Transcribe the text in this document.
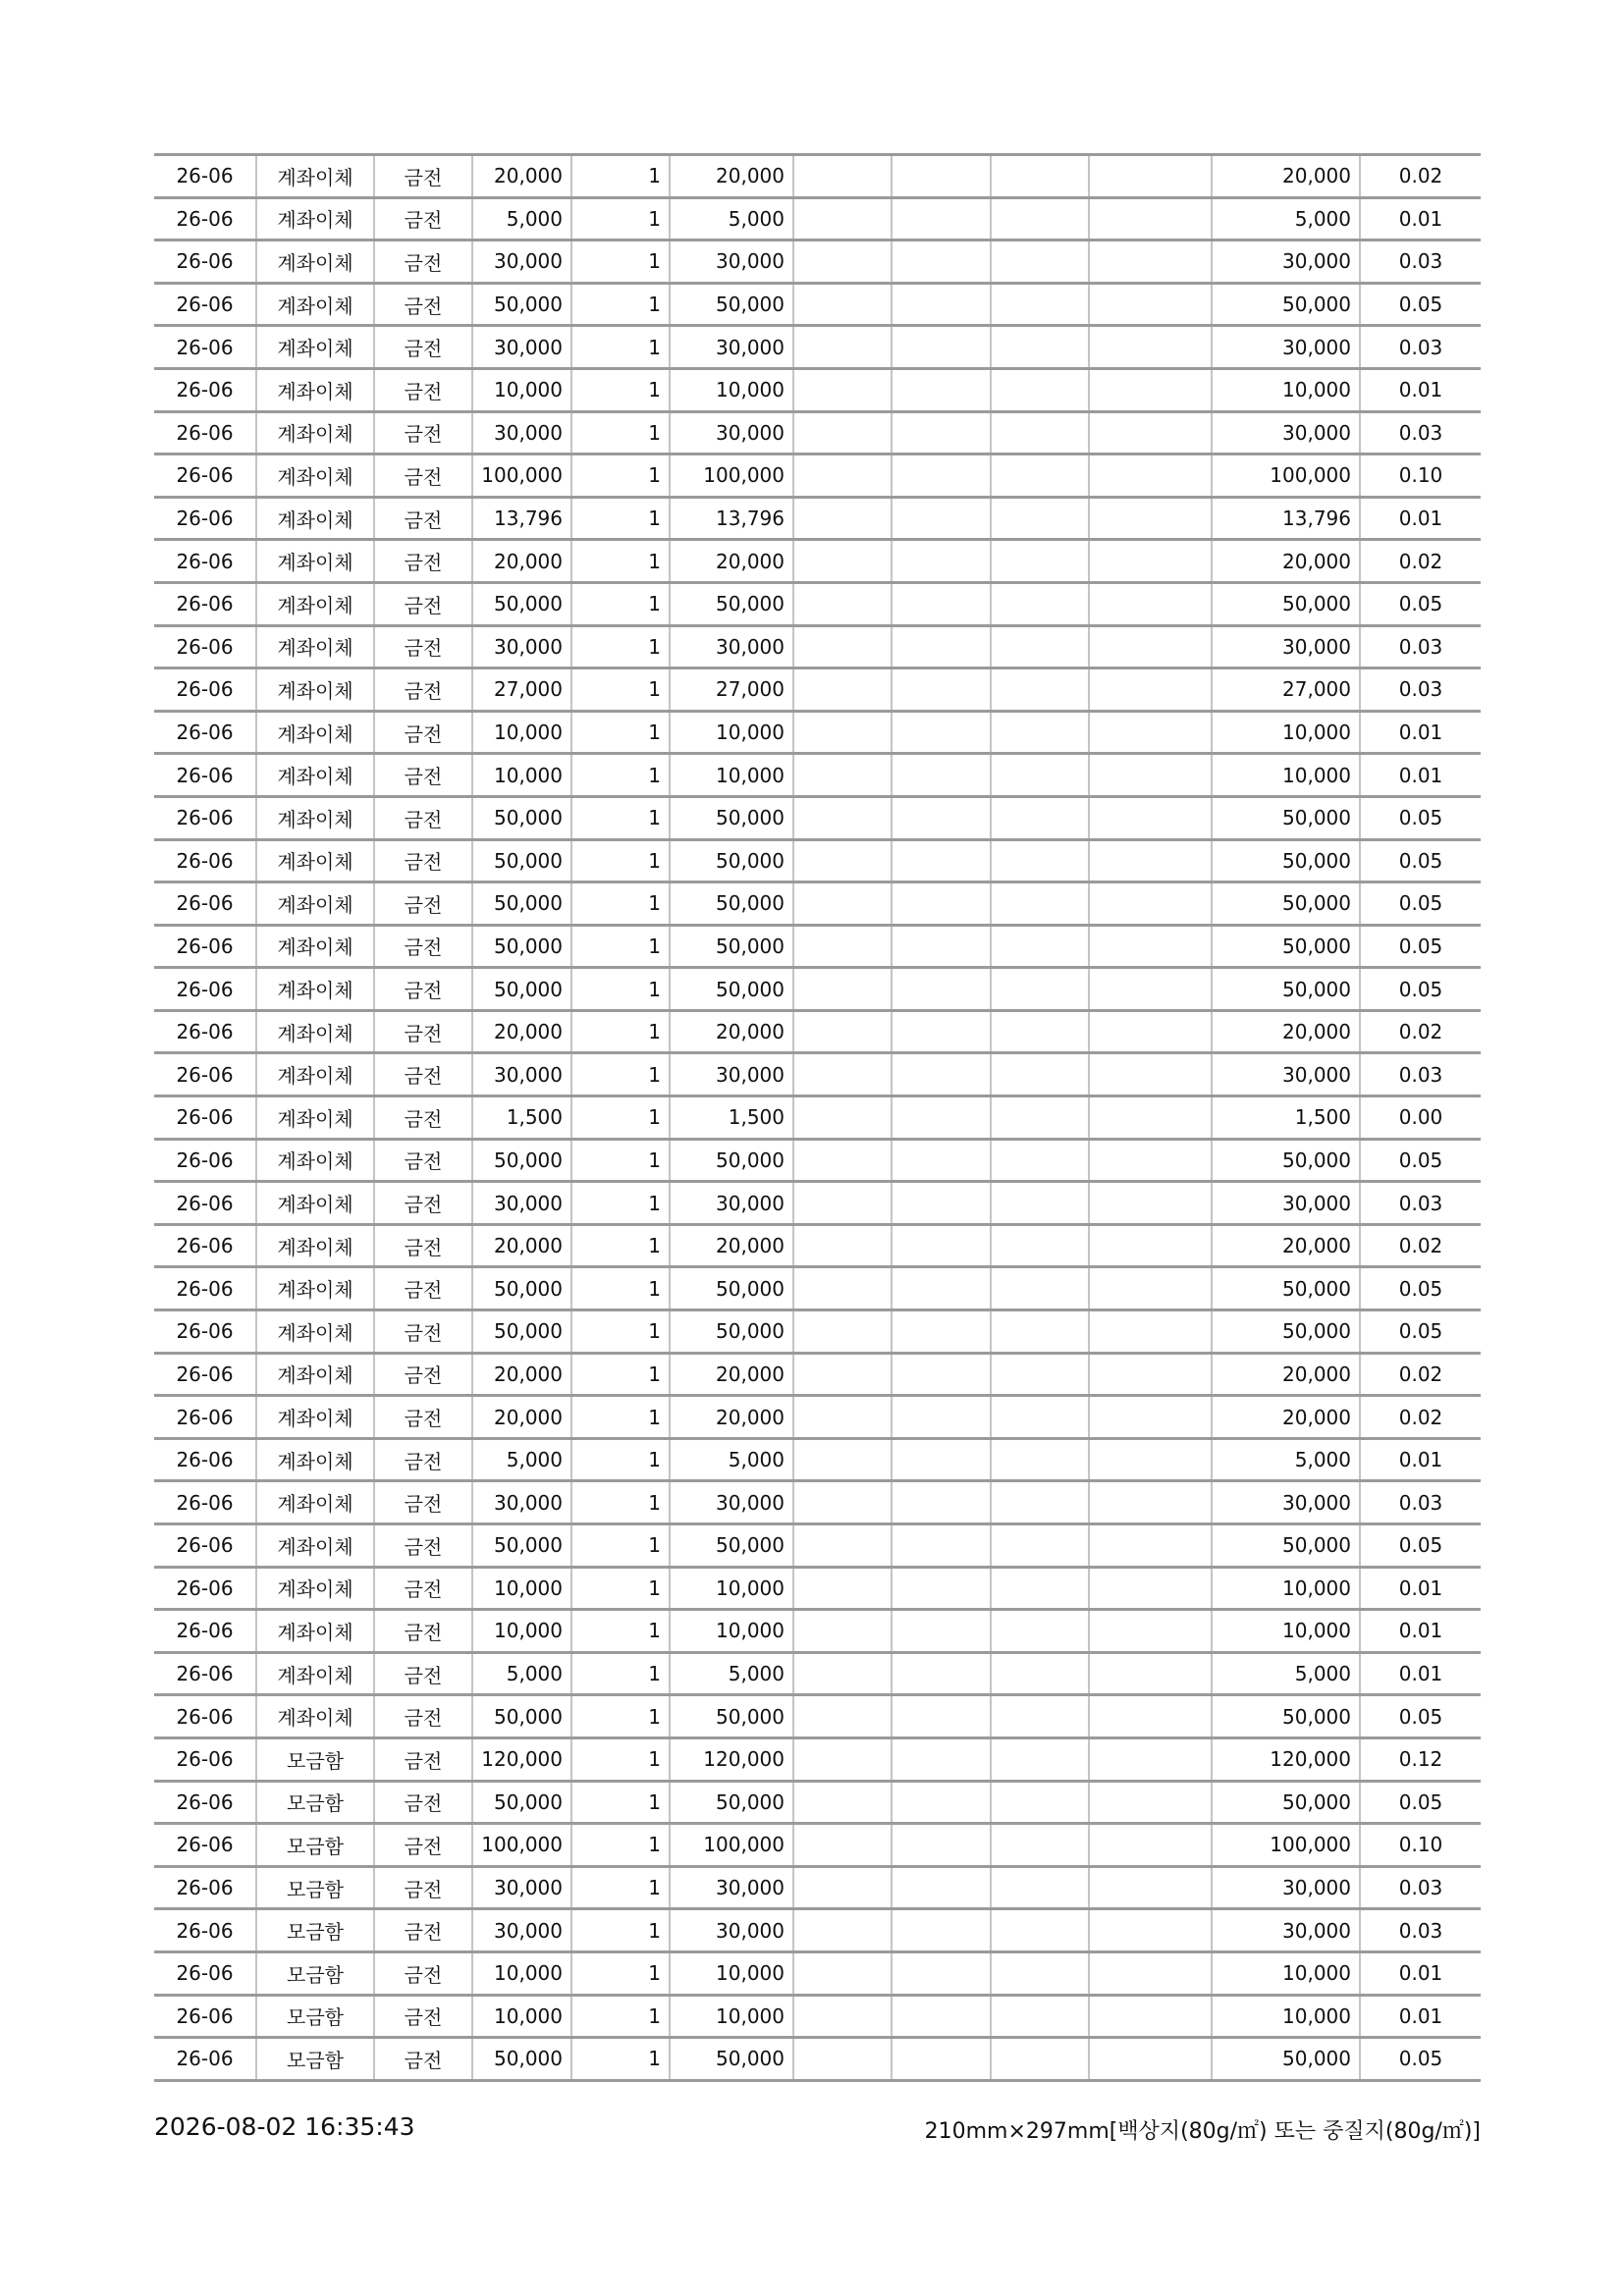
26-06	계좌이체	금전	20,000	1	20,000					20,000	0.02
26-06	계좌이체	금전	5,000	1	5,000					5,000	0.01
26-06	계좌이체	금전	30,000	1	30,000					30,000	0.03
26-06	계좌이체	금전	50,000	1	50,000					50,000	0.05
26-06	계좌이체	금전	30,000	1	30,000					30,000	0.03
26-06	계좌이체	금전	10,000	1	10,000					10,000	0.01
26-06	계좌이체	금전	30,000	1	30,000					30,000	0.03
26-06	계좌이체	금전	100,000	1	100,000					100,000	0.10
26-06	계좌이체	금전	13,796	1	13,796					13,796	0.01
26-06	계좌이체	금전	20,000	1	20,000					20,000	0.02
26-06	계좌이체	금전	50,000	1	50,000					50,000	0.05
26-06	계좌이체	금전	30,000	1	30,000					30,000	0.03
26-06	계좌이체	금전	27,000	1	27,000					27,000	0.03
26-06	계좌이체	금전	10,000	1	10,000					10,000	0.01
26-06	계좌이체	금전	10,000	1	10,000					10,000	0.01
26-06	계좌이체	금전	50,000	1	50,000					50,000	0.05
26-06	계좌이체	금전	50,000	1	50,000					50,000	0.05
26-06	계좌이체	금전	50,000	1	50,000					50,000	0.05
26-06	계좌이체	금전	50,000	1	50,000					50,000	0.05
26-06	계좌이체	금전	50,000	1	50,000					50,000	0.05
26-06	계좌이체	금전	20,000	1	20,000					20,000	0.02
26-06	계좌이체	금전	30,000	1	30,000					30,000	0.03
26-06	계좌이체	금전	1,500	1	1,500					1,500	0.00
26-06	계좌이체	금전	50,000	1	50,000					50,000	0.05
26-06	계좌이체	금전	30,000	1	30,000					30,000	0.03
26-06	계좌이체	금전	20,000	1	20,000					20,000	0.02
26-06	계좌이체	금전	50,000	1	50,000					50,000	0.05
26-06	계좌이체	금전	50,000	1	50,000					50,000	0.05
26-06	계좌이체	금전	20,000	1	20,000					20,000	0.02
26-06	계좌이체	금전	20,000	1	20,000					20,000	0.02
26-06	계좌이체	금전	5,000	1	5,000					5,000	0.01
26-06	계좌이체	금전	30,000	1	30,000					30,000	0.03
26-06	계좌이체	금전	50,000	1	50,000					50,000	0.05
26-06	계좌이체	금전	10,000	1	10,000					10,000	0.01
26-06	계좌이체	금전	10,000	1	10,000					10,000	0.01
26-06	계좌이체	금전	5,000	1	5,000					5,000	0.01
26-06	계좌이체	금전	50,000	1	50,000					50,000	0.05
26-06	모금함	금전	120,000	1	120,000					120,000	0.12
26-06	모금함	금전	50,000	1	50,000					50,000	0.05
26-06	모금함	금전	100,000	1	100,000					100,000	0.10
26-06	모금함	금전	30,000	1	30,000					30,000	0.03
26-06	모금함	금전	30,000	1	30,000					30,000	0.03
26-06	모금함	금전	10,000	1	10,000					10,000	0.01
26-06	모금함	금전	10,000	1	10,000					10,000	0.01
26-06	모금함	금전	50,000	1	50,000					50,000	0.05
2026-08-02 16:35:43	210mm×297mm[백상지(80g/㎡) 또는 중질지(80g/㎡)]
